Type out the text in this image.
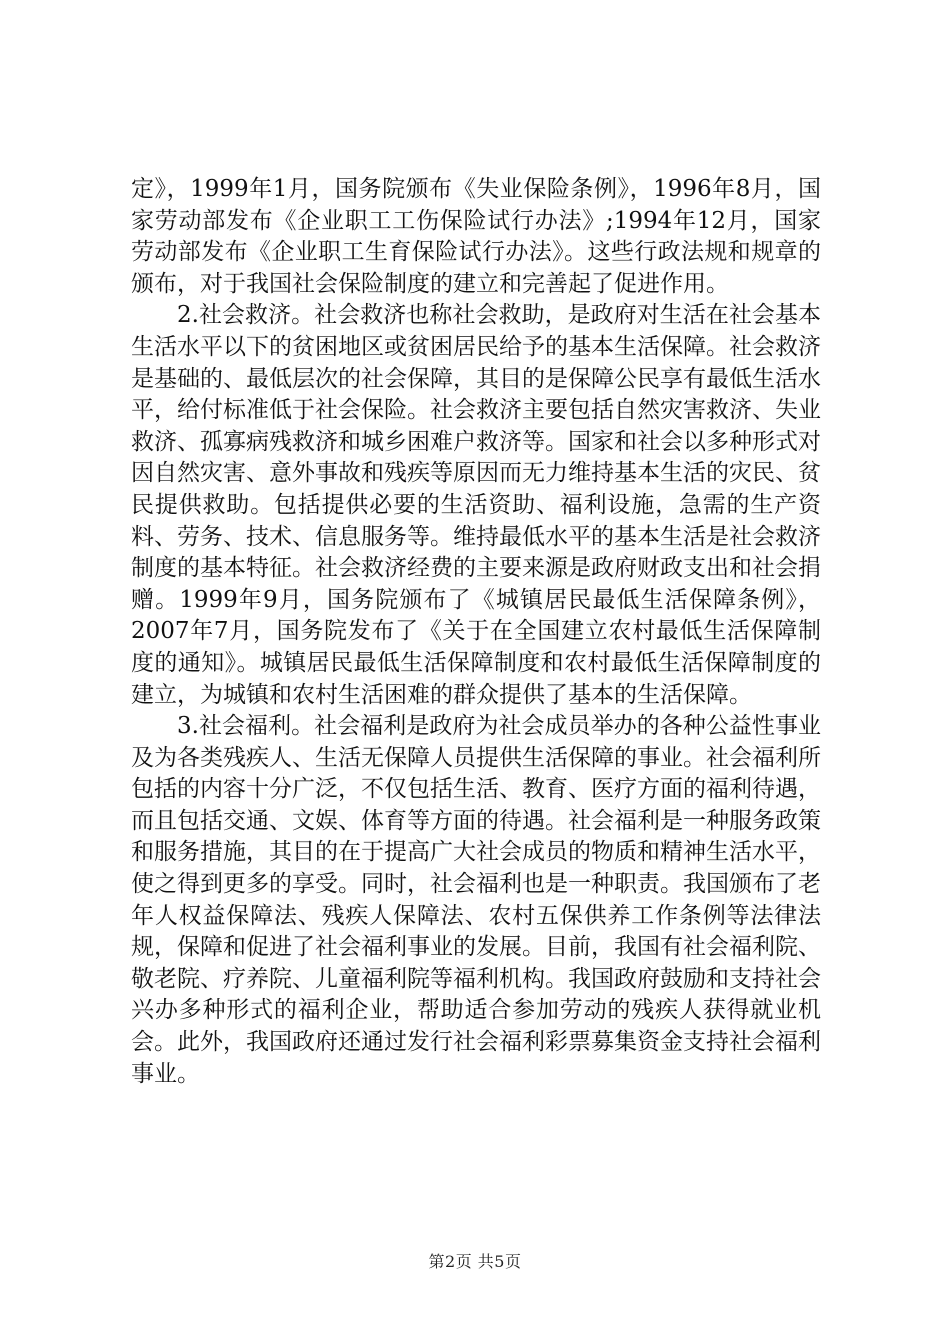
定》，1999年1月，国务院颁布《失业保险条例》，1996年8月，国家劳动部发布《企业职工工伤保险试行办法》;1994年12月，国家劳动部发布《企业职工生育保险试行办法》。这些行政法规和规章的颁布，对于我国社会保险制度的建立和完善起了促进作用。

2.社会救济。社会救济也称社会救助，是政府对生活在社会基本生活水平以下的贫困地区或贫困居民给予的基本生活保障。社会救济是基础的、最低层次的社会保障，其目的是保障公民享有最低生活水平，给付标准低于社会保险。社会救济主要包括自然灾害救济、失业救济、孤寡病残救济和城乡困难户救济等。国家和社会以多种形式对因自然灾害、意外事故和残疾等原因而无力维持基本生活的灾民、贫民提供救助。包括提供必要的生活资助、福利设施，急需的生产资料、劳务、技术、信息服务等。维持最低水平的基本生活是社会救济制度的基本特征。社会救济经费的主要来源是政府财政支出和社会捐赠。1999年9月，国务院颁布了《城镇居民最低生活保障条例》，2007年7月，国务院发布了《关于在全国建立农村最低生活保障制度的通知》。城镇居民最低生活保障制度和农村最低生活保障制度的建立，为城镇和农村生活困难的群众提供了基本的生活保障。

3.社会福利。社会福利是政府为社会成员举办的各种公益性事业及为各类残疾人、生活无保障人员提供生活保障的事业。社会福利所包括的内容十分广泛，不仅包括生活、教育、医疗方面的福利待遇，而且包括交通、文娱、体育等方面的待遇。社会福利是一种服务政策和服务措施，其目的在于提高广大社会成员的物质和精神生活水平，使之得到更多的享受。同时，社会福利也是一种职责。我国颁布了老年人权益保障法、残疾人保障法、农村五保供养工作条例等法律法规，保障和促进了社会福利事业的发展。目前，我国有社会福利院、敬老院、疗养院、儿童福利院等福利机构。我国政府鼓励和支持社会兴办多种形式的福利企业，帮助适合参加劳动的残疾人获得就业机会。此外，我国政府还通过发行社会福利彩票募集资金支持社会福利事业。

第2页 共5页
